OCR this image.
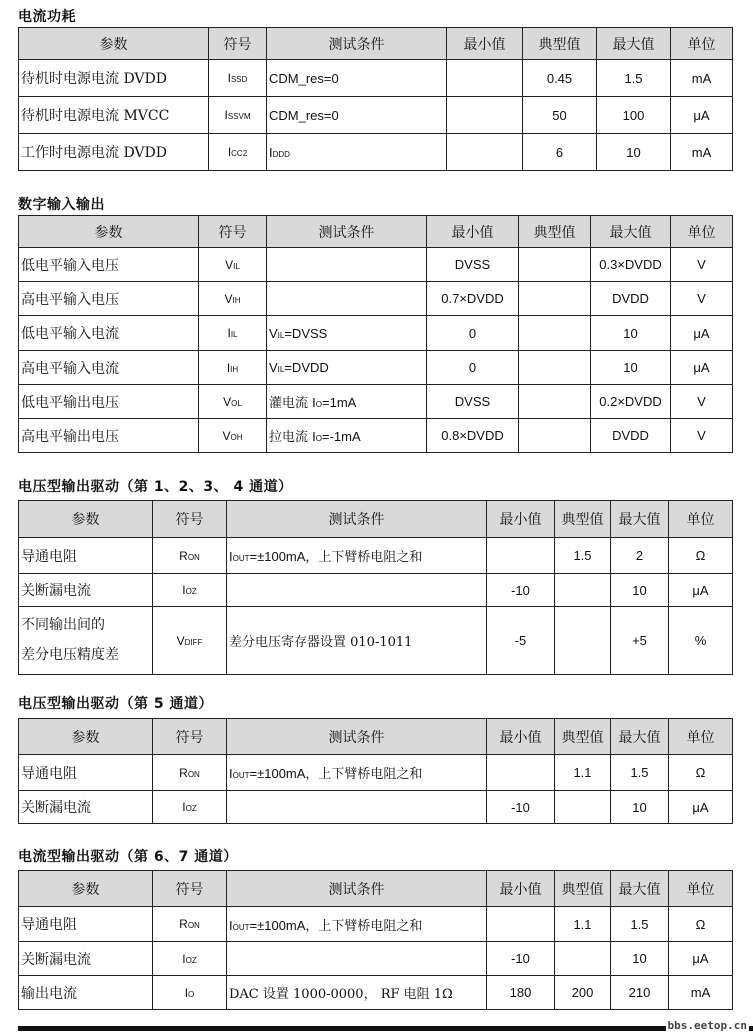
电流功耗
参数	符号	测试条件	最小值	典型值	最大值	单位
待机时电源电流 DVDD	ISSD	CDM_res=0		0.45	1.5	mA
待机时电源电流 MVCC	ISSVM	CDM_res=0		50	100	μA
工作时电源电流 DVDD	ICC2	IDDD		6	10	mA
数字输入输出
参数	符号	测试条件	最小值	典型值	最大值	单位
低电平输入电压	VIL		DVSS		0.3×DVDD	V
高电平输入电压	VIH		0.7×DVDD		DVDD	V
低电平输入电流	IIL	VIL=DVSS	0		10	μA
高电平输入电流	IIH	VIL=DVDD	0		10	μA
低电平输出电压	VOL	灌电流 IO=1mA	DVSS		0.2×DVDD	V
高电平输出电压	VOH	拉电流 IO=-1mA	0.8×DVDD		DVDD	V
电压型输出驱动（第 1、2、3、 4 通道）
参数	符号	测试条件	最小值	典型值	最大值	单位
导通电阻	RON	IOUT=±100mA，上下臂桥电阻之和		1.5	2	Ω
关断漏电流	IOZ		-10		10	μA

不同输出间的
差分电压精度差	VDIFF	差分电压寄存器设置 010-1011	-5		+5	%
电压型输出驱动（第 5 通道）
参数	符号	测试条件	最小值	典型值	最大值	单位
导通电阻	RON	IOUT=±100mA，上下臂桥电阻之和		1.1	1.5	Ω
关断漏电流	IOZ		-10		10	μA
电流型输出驱动（第 6、7 通道）
参数	符号	测试条件	最小值	典型值	最大值	单位
导通电阻	RON	IOUT=±100mA，上下臂桥电阻之和		1.1	1.5	Ω
关断漏电流	IOZ		-10		10	μA
输出电流	IO	DAC 设置 1000-0000， RF 电阻 1Ω	180	200	210	mA
bbs.eetop.cn
